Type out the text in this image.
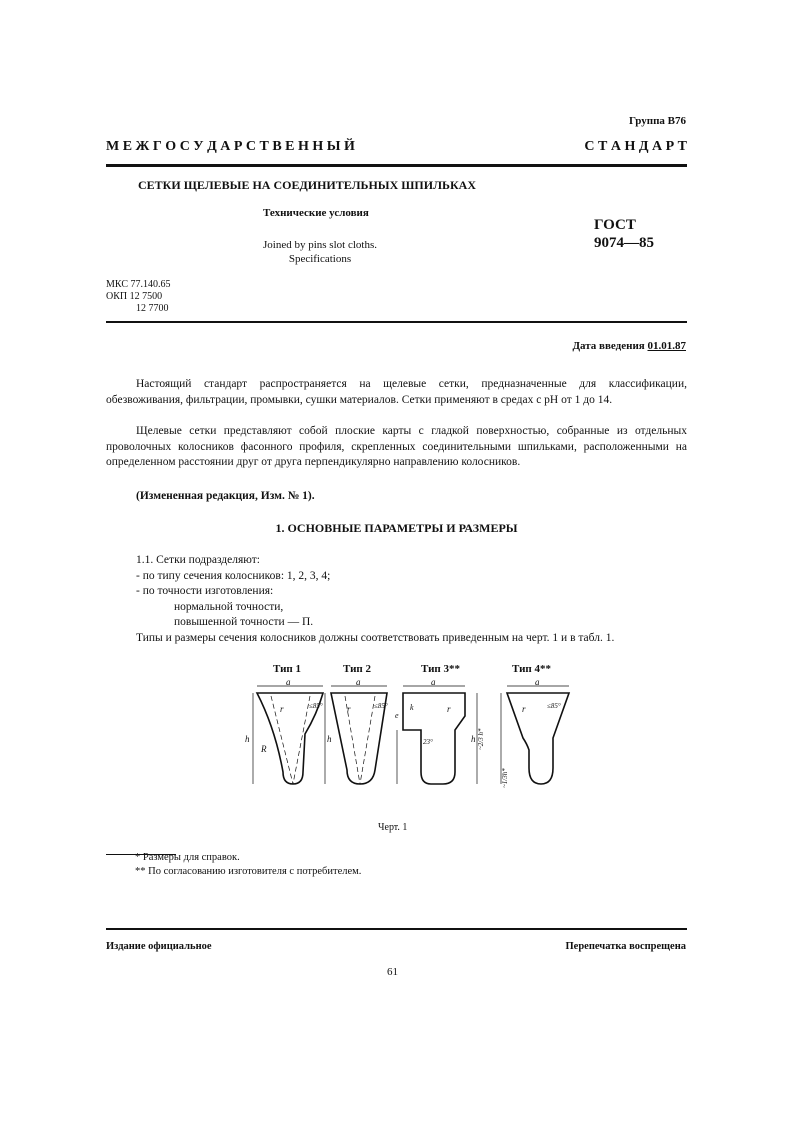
Группа В76
М Е Ж Г О С У Д А Р С Т В Е Н Н Ы Й	С Т А Н Д А Р Т
СЕТКИ ЩЕЛЕВЫЕ НА СОЕДИНИТЕЛЬНЫХ ШПИЛЬКАХ
Технические условия
Joined by pins slot cloths.
Specifications
ГОСТ
9074—85
МКС 77.140.65
ОКП 12 7500
12 7700
Дата введения 01.01.87
Настоящий стандарт распространяется на щелевые сетки, предназначенные для классификации, обезвоживания, фильтрации, промывки, сушки материалов. Сетки применяют в средах с рН от 1 до 14.
Щелевые сетки представляют собой плоские карты с гладкой поверхностью, собранные из отдельных проволочных колосников фасонного профиля, скрепленных соединительными шпильками, расположенными на определенном расстоянии друг от друга перпендикулярно направлению колосников.
(Измененная редакция, Изм. № 1).
1. ОСНОВНЫЕ ПАРАМЕТРЫ И РАЗМЕРЫ
1.1. Сетки подразделяют:
- по типу сечения колосников: 1, 2, 3, 4;
- по точности изготовления:
нормальной точности,
повышенной точности — П.
Типы и размеры сечения колосников должны соответствовать приведенным на черт. 1 и в табл. 1.
Тип 1	Тип 2	Тип 3**	Тип 4**
a	a	a	a
h	h	h
r	r	r	r
R
≤85°	≤85°	≤85°
e
k
23°	~2/3 h*
~1/3h*
Черт. 1
* Размеры для справок.
** По согласованию изготовителя с потребителем.
Издание официальное	Перепечатка воспрещена
61
